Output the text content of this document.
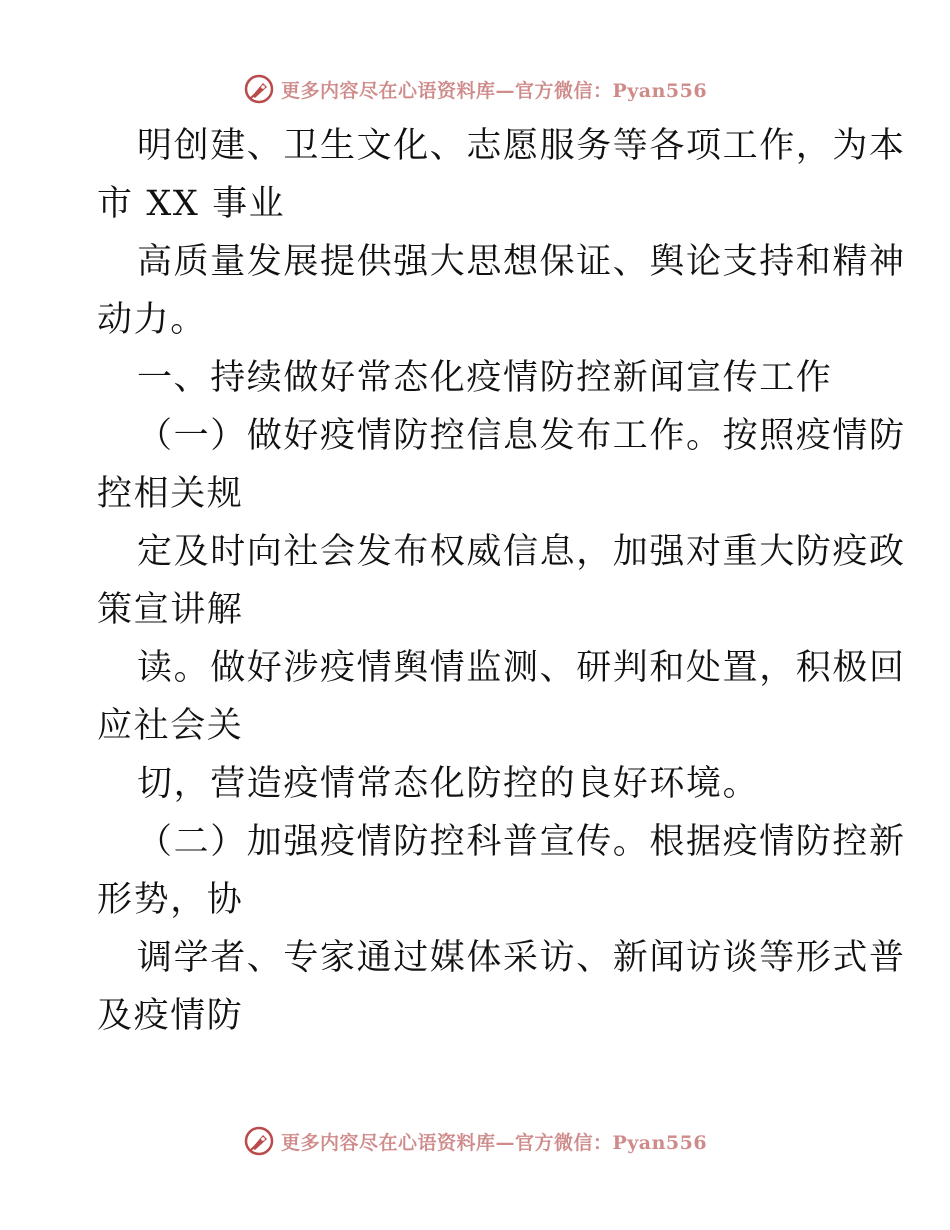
更多内容尽在心语资料库—官方微信：Pyan556
明创建、卫生文化、志愿服务等各项工作，为本
市 XX 事业
高质量发展提供强大思想保证、舆论支持和精神
动力。
一、持续做好常态化疫情防控新闻宣传工作
（一）做好疫情防控信息发布工作。按照疫情防
控相关规
定及时向社会发布权威信息，加强对重大防疫政
策宣讲解
读。做好涉疫情舆情监测、研判和处置，积极回
应社会关
切，营造疫情常态化防控的良好环境。
（二）加强疫情防控科普宣传。根据疫情防控新
形势，协
调学者、专家通过媒体采访、新闻访谈等形式普
及疫情防
更多内容尽在心语资料库—官方微信：Pyan556
